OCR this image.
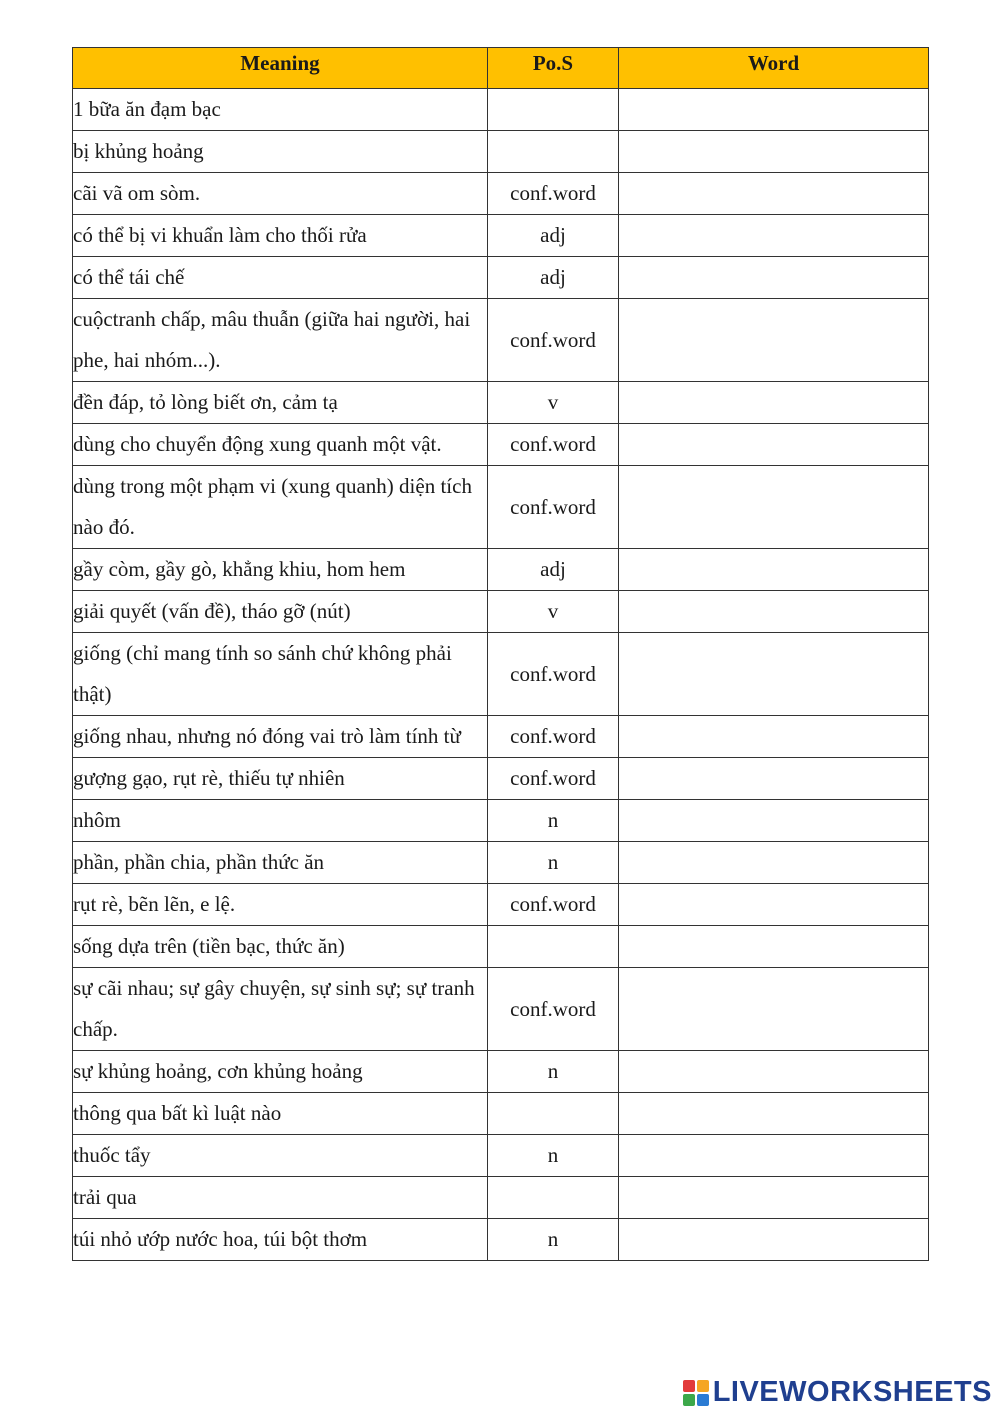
Meaning	Po.S	Word
1 bữa ăn đạm bạc		
bị khủng hoảng		
cãi vã om sòm.	conf.word	
có thể bị vi khuẩn làm cho thối rửa	adj	
có thể tái chế	adj	
cuộctranh chấp, mâu thuẫn (giữa hai người, hai phe, hai nhóm...).	conf.word	
đền đáp, tỏ lòng biết ơn, cảm tạ	v	
dùng cho chuyển động xung quanh một vật.	conf.word	
dùng trong một phạm vi (xung quanh) diện tích nào đó.	conf.word	
gầy còm, gầy gò, khẳng khiu, hom hem	adj	
giải quyết (vấn đề), tháo gỡ (nút)	v	
giống (chỉ mang tính so sánh chứ không phải thật)	conf.word	
giống nhau, nhưng nó đóng vai trò làm tính từ	conf.word	
gượng gạo, rụt rè, thiếu tự nhiên	conf.word	
nhôm	n	
phần, phần chia, phần thức ăn	n	
rụt rè, bẽn lẽn, e lệ.	conf.word	
sống dựa trên (tiền bạc, thức ăn)		
sự cãi nhau; sự gây chuyện, sự sinh sự; sự tranh chấp.	conf.word	
sự khủng hoảng, cơn khủng hoảng	n	
thông qua bất kì luật nào		
thuốc tẩy	n	
trải qua		
túi nhỏ ướp nước hoa, túi bột thơm	n	
LIVEWORKSHEETS
